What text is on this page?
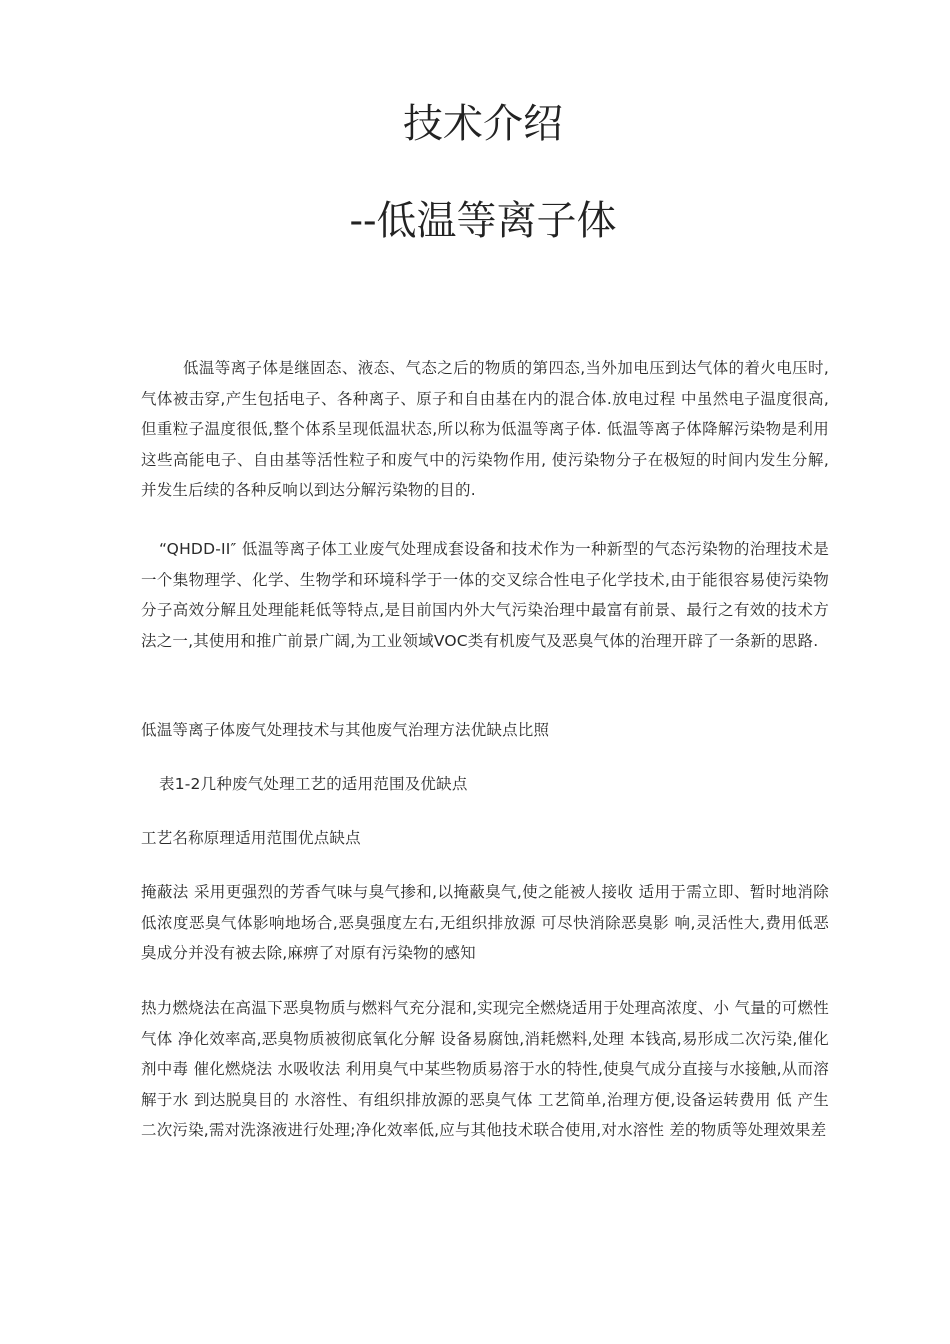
技术介绍
--低温等离子体

低温等离子体是继固态、液态、气态之后的物质的第四态,当外加电压到达气体的着火电压时,气体被击穿,产生包括电子、各种离子、原子和自由基在内的混合体.放电过程 中虽然电子温度很高,但重粒子温度很低,整个体系呈现低温状态,所以称为低温等离子体. 低温等离子体降解污染物是利用这些高能电子、自由基等活性粒子和废气中的污染物作用, 使污染物分子在极短的时间内发生分解,并发生后续的各种反响以到达分解污染物的目的.

“QHDD-II″ 低温等离子体工业废气处理成套设备和技术作为一种新型的气态污染物的治理技术是一个集物理学、化学、生物学和环境科学于一体的交叉综合性电子化学技术,由于能很容易使污染物分子高效分解且处理能耗低等特点,是目前国内外大气污染治理中最富有前景、最行之有效的技术方法之一,其使用和推广前景广阔,为工业领域VOC类有机废气及恶臭气体的治理开辟了一条新的思路.

低温等离子体废气处理技术与其他废气治理方法优缺点比照

表1-2几种废气处理工艺的适用范围及优缺点

工艺名称原理适用范围优点缺点

掩蔽法 采用更强烈的芳香气味与臭气掺和,以掩蔽臭气,使之能被人接收 适用于需立即、暂时地消除低浓度恶臭气体影响地场合,恶臭强度左右,无组织排放源 可尽快消除恶臭影 响,灵活性大,费用低恶臭成分并没有被去除,麻痹了对原有污染物的感知

热力燃烧法在高温下恶臭物质与燃料气充分混和,实现完全燃烧适用于处理高浓度、小 气量的可燃性气体 净化效率高,恶臭物质被彻底氧化分解 设备易腐蚀,消耗燃料,处理 本钱高,易形成二次污染,催化剂中毒 催化燃烧法 水吸收法 利用臭气中某些物质易溶于水的特性,使臭气成分直接与水接触,从而溶解于水 到达脱臭目的 水溶性、有组织排放源的恶臭气体 工艺简单,治理方便,设备运转费用 低 产生二次污染,需对洗涤液进行处理;净化效率低,应与其他技术联合使用,对水溶性 差的物质等处理效果差
